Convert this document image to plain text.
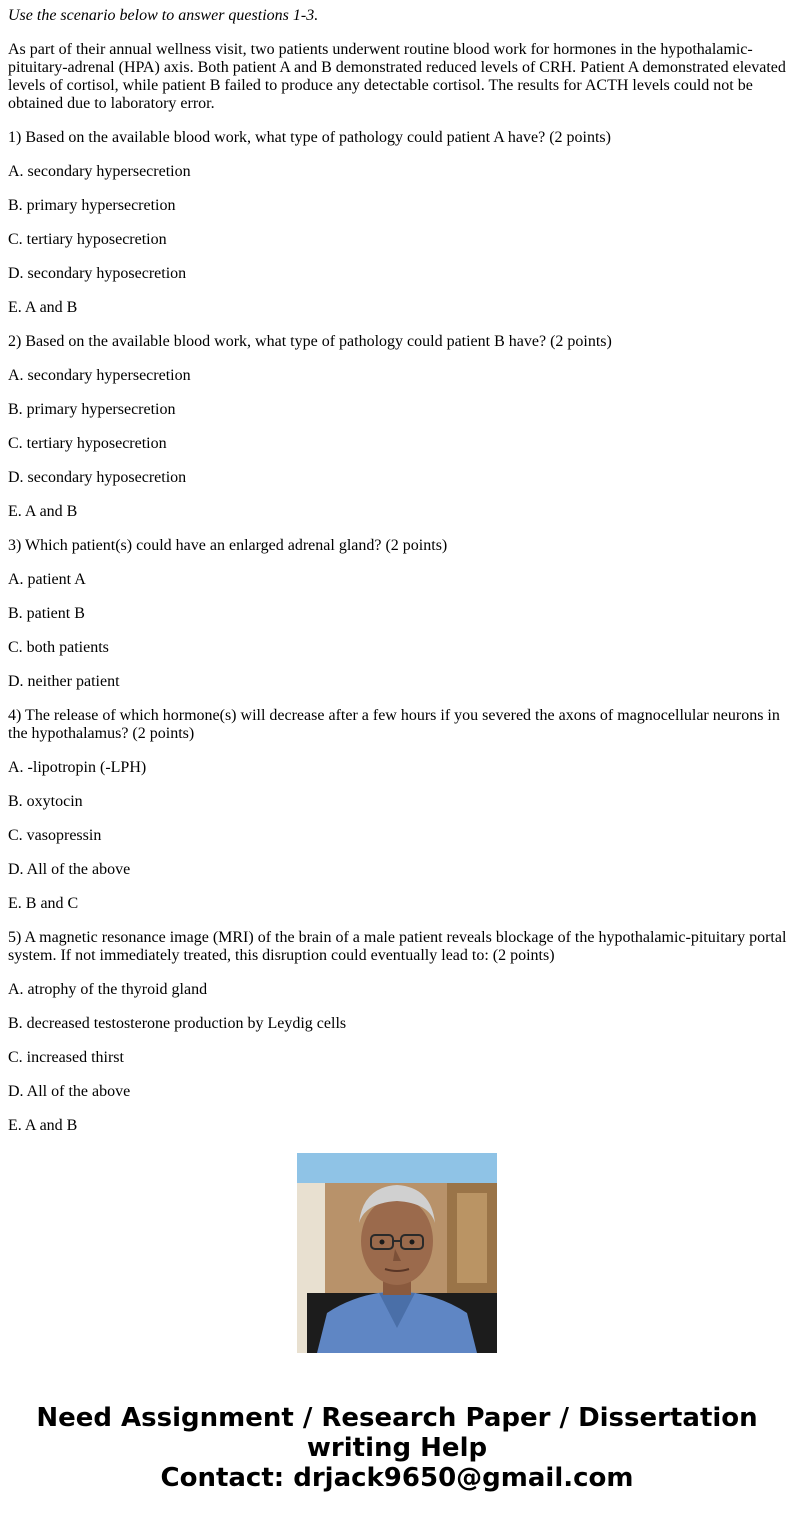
Use the scenario below to answer questions 1-3.

As part of their annual wellness visit, two patients underwent routine blood work for hormones in the hypothalamic-pituitary-adrenal (HPA) axis. Both patient A and B demonstrated reduced levels of CRH. Patient A demonstrated elevated levels of cortisol, while patient B failed to produce any detectable cortisol. The results for ACTH levels could not be obtained due to laboratory error.

1) Based on the available blood work, what type of pathology could patient A have? (2 points)

A. secondary hypersecretion

B. primary hypersecretion

C. tertiary hyposecretion

D. secondary hyposecretion

E. A and B

2) Based on the available blood work, what type of pathology could patient B have? (2 points)

A. secondary hypersecretion

B. primary hypersecretion

C. tertiary hyposecretion

D. secondary hyposecretion

E. A and B

3) Which patient(s) could have an enlarged adrenal gland? (2 points)

A. patient A

B. patient B

C. both patients

D. neither patient

4) The release of which hormone(s) will decrease after a few hours if you severed the axons of magnocellular neurons in the hypothalamus? (2 points)

A. -lipotropin (-LPH)

B. oxytocin

C. vasopressin

D. All of the above

E. B and C

5) A magnetic resonance image (MRI) of the brain of a male patient reveals blockage of the hypothalamic-pituitary portal system. If not immediately treated, this disruption could eventually lead to: (2 points)

A. atrophy of the thyroid gland

B. decreased testosterone production by Leydig cells

C. increased thirst

D. All of the above

E. A and B

Need Assignment / Research Paper / Dissertation
writing Help
Contact: drjack9650@gmail.com
